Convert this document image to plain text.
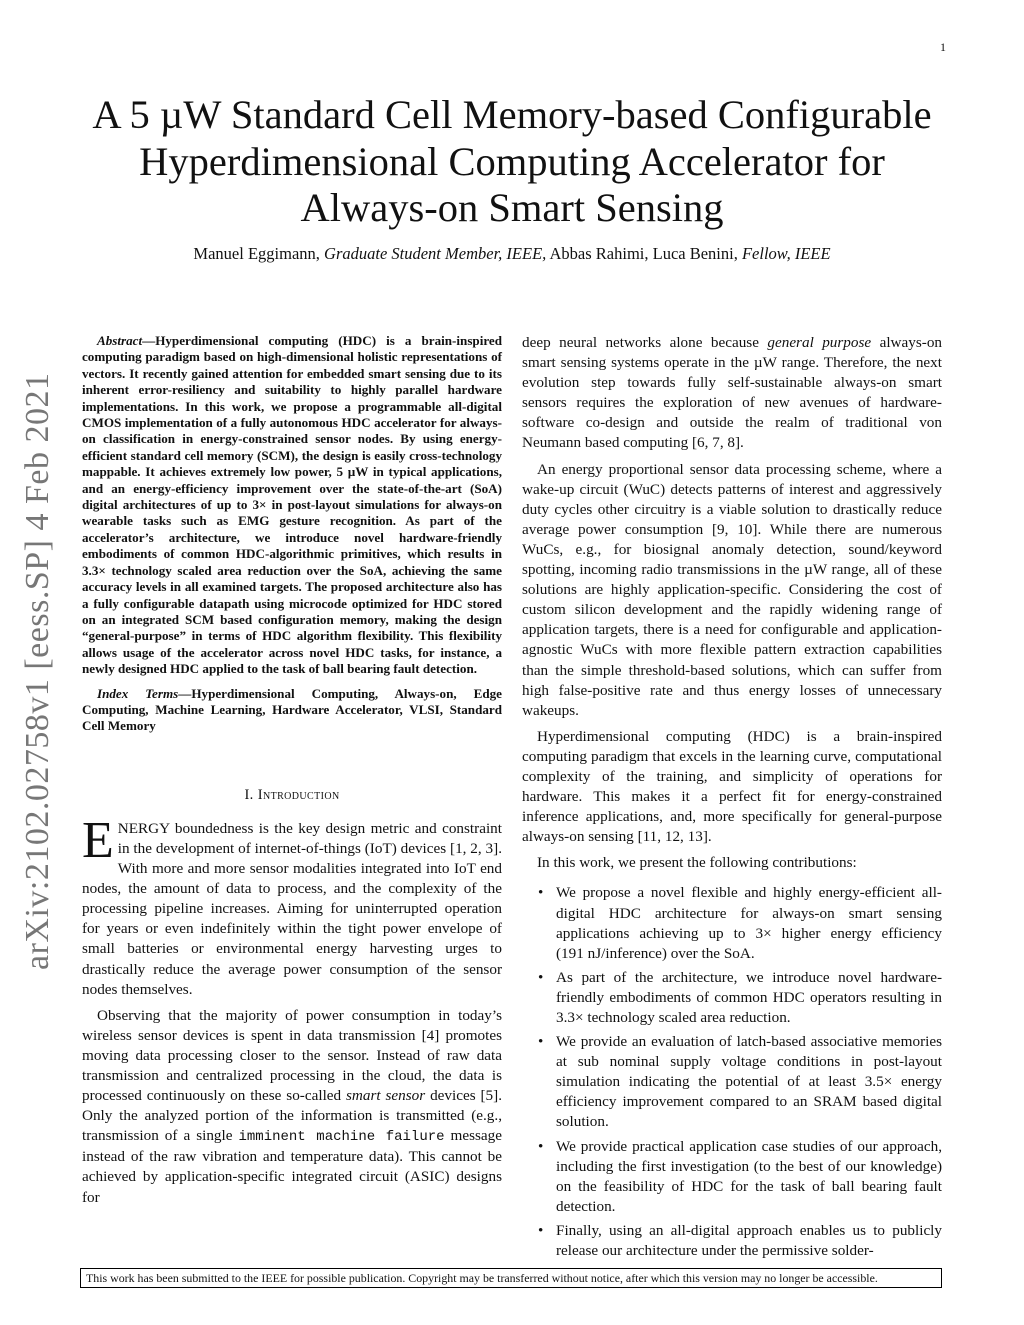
1
arXiv:2102.02758v1 [eess.SP] 4 Feb 2021
A 5 µW Standard Cell Memory-based Configurable
Hyperdimensional Computing Accelerator for
Always-on Smart Sensing
Manuel Eggimann, Graduate Student Member, IEEE, Abbas Rahimi, Luca Benini, Fellow, IEEE

Abstract—Hyperdimensional computing (HDC) is a brain-inspired computing paradigm based on high-dimensional holistic representations of vectors. It recently gained attention for embedded smart sensing due to its inherent error-resiliency and suitability to highly parallel hardware implementations. In this work, we propose a programmable all-digital CMOS implementation of a fully autonomous HDC accelerator for always-on classification in energy-constrained sensor nodes. By using energy-efficient standard cell memory (SCM), the design is easily cross-technology mappable. It achieves extremely low power, 5 µW in typical applications, and an energy-efficiency improvement over the state-of-the-art (SoA) digital architectures of up to 3× in post-layout simulations for always-on wearable tasks such as EMG gesture recognition. As part of the accelerator’s architecture, we introduce novel hardware-friendly embodiments of common HDC-algorithmic primitives, which results in 3.3× technology scaled area reduction over the SoA, achieving the same accuracy levels in all examined targets. The proposed architecture also has a fully configurable datapath using microcode optimized for HDC stored on an integrated SCM based configuration memory, making the design “general-purpose” in terms of HDC algorithm flexibility. This flexibility allows usage of the accelerator across novel HDC tasks, for instance, a newly designed HDC applied to the task of ball bearing fault detection.

Index Terms—Hyperdimensional Computing, Always-on, Edge Computing, Machine Learning, Hardware Accelerator, VLSI, Standard Cell Memory

I. Introduction

ENERGY boundedness is the key design metric and constraint in the development of internet-of-things (IoT) devices [1, 2, 3]. With more and more sensor modalities integrated into IoT end nodes, the amount of data to process, and the complexity of the processing pipeline increases. Aiming for uninterrupted operation for years or even indefinitely within the tight power envelope of small batteries or environmental energy harvesting urges to drastically reduce the average power consumption of the sensor nodes themselves.

Observing that the majority of power consumption in today’s wireless sensor devices is spent in data transmission [4] promotes moving data processing closer to the sensor. Instead of raw data transmission and centralized processing in the cloud, the data is processed continuously on these so-called smart sensor devices [5]. Only the analyzed portion of the information is transmitted (e.g., transmission of a single imminent machine failure message instead of the raw vibration and temperature data). This cannot be achieved by application-specific integrated circuit (ASIC) designs for

deep neural networks alone because general purpose always-on smart sensing systems operate in the µW range. Therefore, the next evolution step towards fully self-sustainable always-on smart sensors requires the exploration of new avenues of hardware-software co-design and outside the realm of traditional von Neumann based computing [6, 7, 8].

An energy proportional sensor data processing scheme, where a wake-up circuit (WuC) detects patterns of interest and aggressively duty cycles other circuitry is a viable solution to drastically reduce average power consumption [9, 10]. While there are numerous WuCs, e.g., for biosignal anomaly detection, sound/keyword spotting, incoming radio transmissions in the µW range, all of these solutions are highly application-specific. Considering the cost of custom silicon development and the rapidly widening range of application targets, there is a need for configurable and application-agnostic WuCs with more flexible pattern extraction capabilities than the simple threshold-based solutions, which can suffer from high false-positive rate and thus energy losses of unnecessary wakeups.

Hyperdimensional computing (HDC) is a brain-inspired computing paradigm that excels in the learning curve, computational complexity of the training, and simplicity of operations for hardware. This makes it a perfect fit for energy-constrained inference applications, and, more specifically for general-purpose always-on sensing [11, 12, 13].

In this work, we present the following contributions:

• We propose a novel flexible and highly energy-efficient all-digital HDC architecture for always-on smart sensing applications achieving up to 3× higher energy efficiency (191 nJ/inference) over the SoA.
• As part of the architecture, we introduce novel hardware-friendly embodiments of common HDC operators resulting in 3.3× technology scaled area reduction.
• We provide an evaluation of latch-based associative memories at sub nominal supply voltage conditions in post-layout simulation indicating the potential of at least 3.5× energy efficiency improvement compared to an SRAM based digital solution.
• We provide practical application case studies of our approach, including the first investigation (to the best of our knowledge) on the feasibility of HDC for the task of ball bearing fault detection.
• Finally, using an all-digital approach enables us to publicly release our architecture under the permissive solder-
This work has been submitted to the IEEE for possible publication. Copyright may be transferred without notice, after which this version may no longer be accessible.
